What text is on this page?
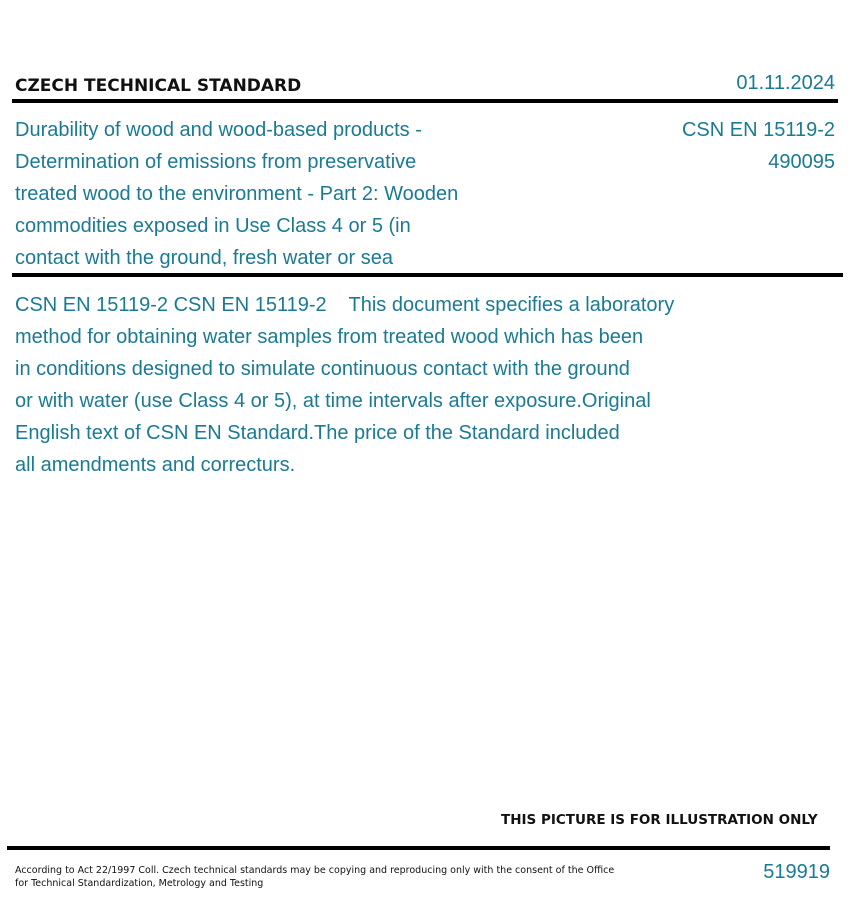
CZECH TECHNICAL STANDARD	01.11.2024
Durability of wood and wood-based products -
Determination of emissions from preservative
treated wood to the environment - Part 2: Wooden
commodities exposed in Use Class 4 or 5 (in
contact with the ground, fresh water or sea
CSN EN 15119-2
490095
CSN EN 15119-2 CSN EN 15119-2    This document specifies a laboratory
method for obtaining water samples from treated wood which has been
in conditions designed to simulate continuous contact with the ground
or with water (use Class 4 or 5), at time intervals after exposure.Original
English text of CSN EN Standard.The price of the Standard included
all amendments and correcturs.
THIS PICTURE IS FOR ILLUSTRATION ONLY
According to Act 22/1997 Coll. Czech technical standards may be copying and reproducing only with the consent of the Office
for Technical Standardization, Metrology and Testing
519919
